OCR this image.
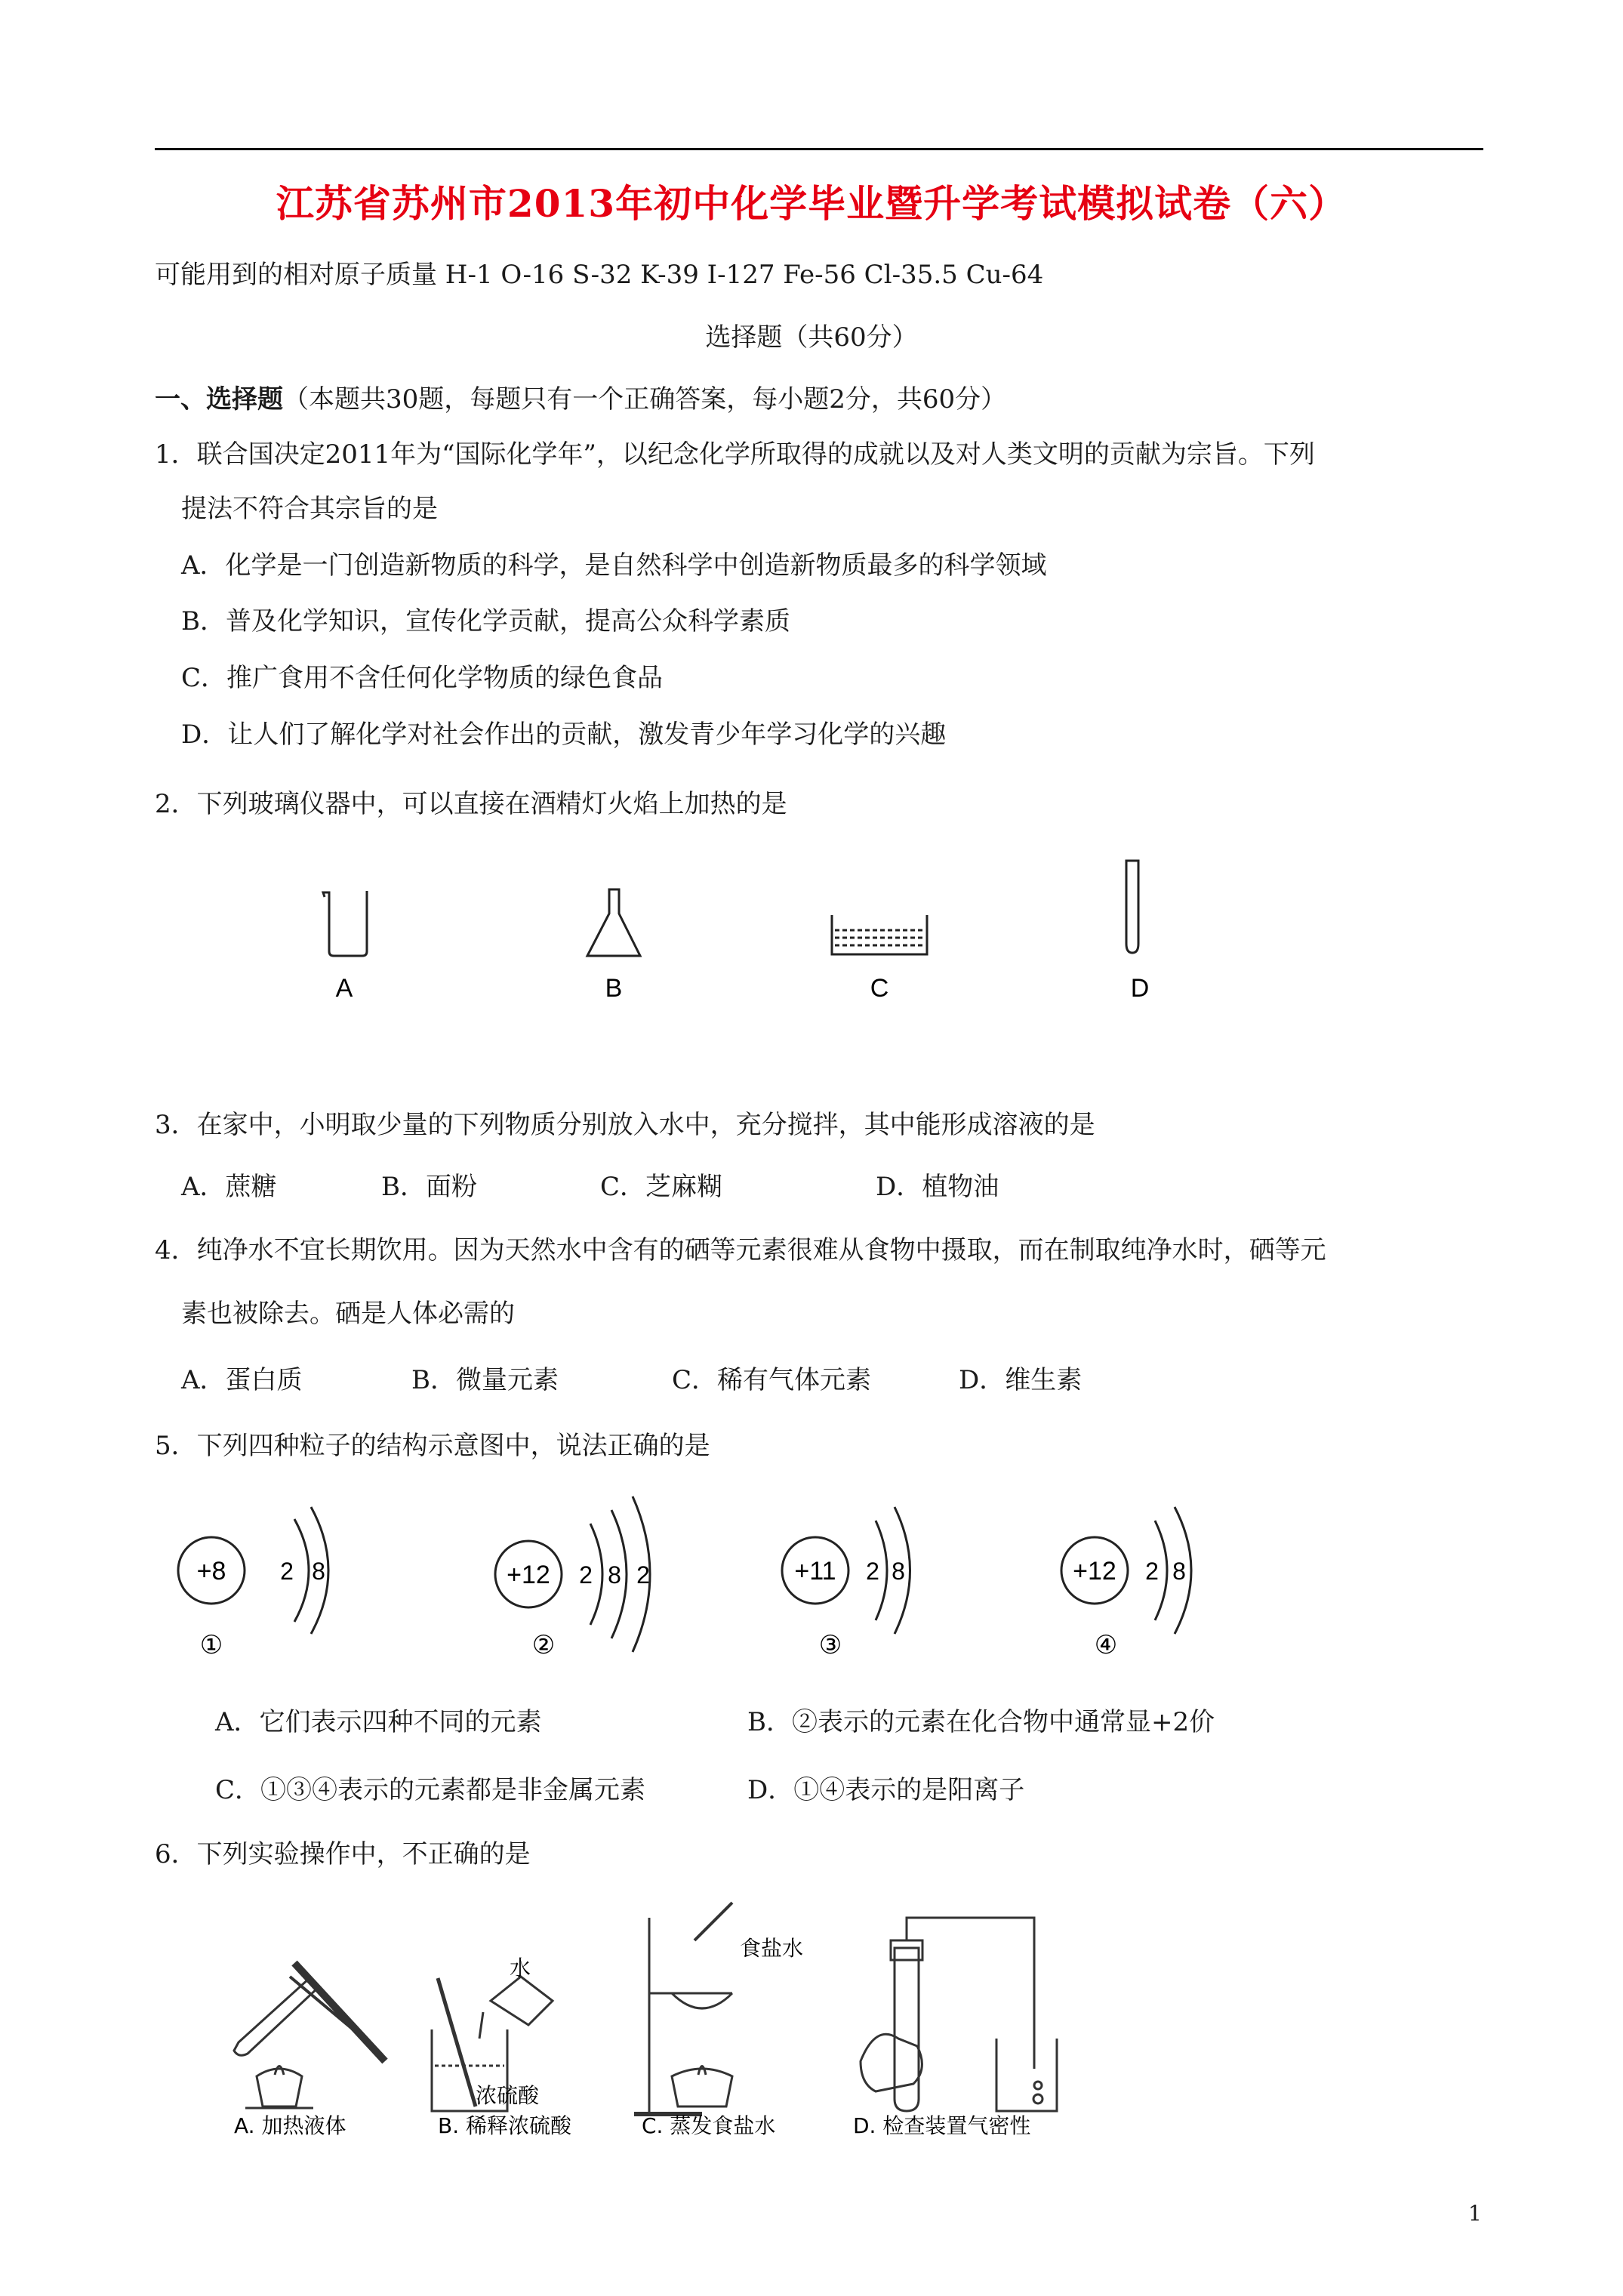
江苏省苏州市2013年初中化学毕业暨升学考试模拟试卷（六）
可能用到的相对原子质量 H-1 O-16 S-32 K-39 I-127 Fe-56 Cl-35.5 Cu-64
选择题（共60分）
一、选择题（本题共30题，每题只有一个正确答案，每小题2分，共60分）
1．联合国决定2011年为“国际化学年”，以纪念化学所取得的成就以及对人类文明的贡献为宗旨。下列
提法不符合其宗旨的是
A．化学是一门创造新物质的科学，是自然科学中创造新物质最多的科学领域
B．普及化学知识，宣传化学贡献，提高公众科学素质
C．推广食用不含任何化学物质的绿色食品
D．让人们了解化学对社会作出的贡献，激发青少年学习化学的兴趣
2．下列玻璃仪器中，可以直接在酒精灯火焰上加热的是
A	B	C	D
3．在家中，小明取少量的下列物质分别放入水中，充分搅拌，其中能形成溶液的是
A．蔗糖	B．面粉	C．芝麻糊	D．植物油
4．纯净水不宜长期饮用。因为天然水中含有的硒等元素很难从食物中摄取，而在制取纯净水时，硒等元
素也被除去。硒是人体必需的
A．蛋白质	B．微量元素	C．稀有气体元素	D．维生素
5．下列四种粒子的结构示意图中，说法正确的是
+8 2 8
①
+12 2 8 2
②
+11 2 8
③
+12 2 8
④
A．它们表示四种不同的元素	B．②表示的元素在化合物中通常显+2价
C．①③④表示的元素都是非金属元素	D．①④表示的是阳离子
6．下列实验操作中，不正确的是
水
浓硫酸
食盐水
A. 加热液体	B. 稀释浓硫酸	C. 蒸发食盐水	D. 检查装置气密性
1
